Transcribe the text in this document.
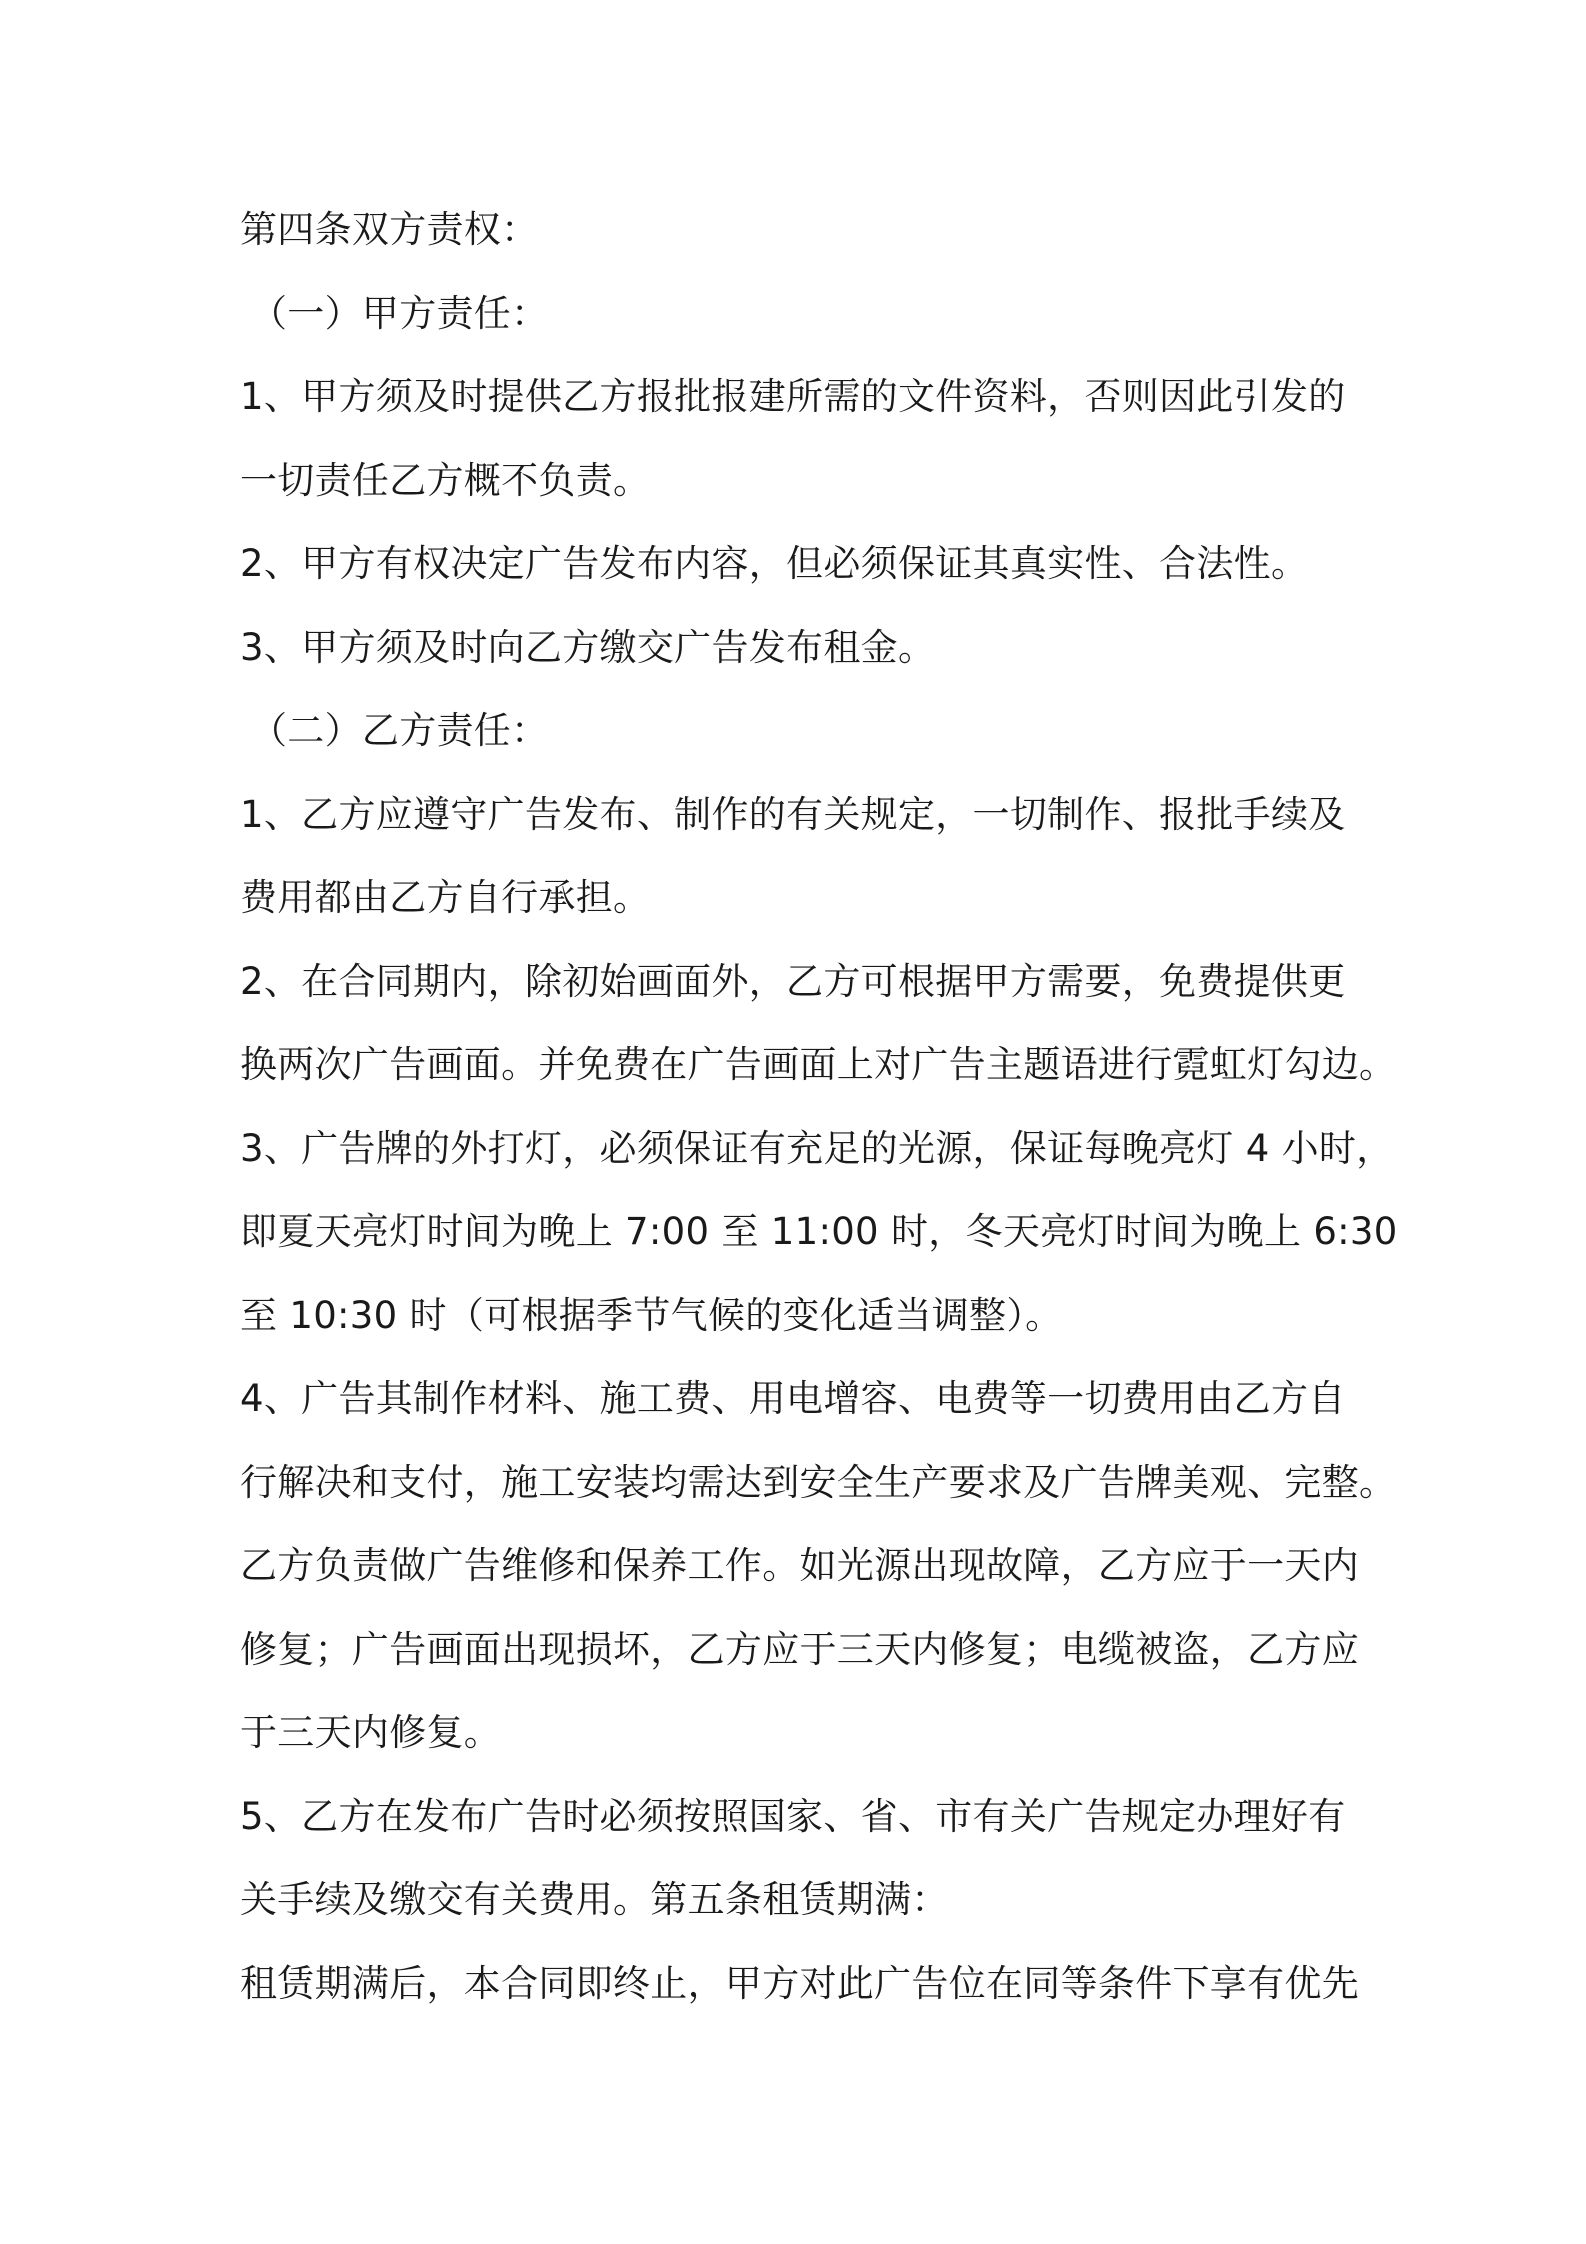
第四条双方责权：
（一）甲方责任：
1、甲方须及时提供乙方报批报建所需的文件资料，否则因此引发的
一切责任乙方概不负责。
2、甲方有权决定广告发布内容，但必须保证其真实性、合法性。
3、甲方须及时向乙方缴交广告发布租金。
（二）乙方责任：
1、乙方应遵守广告发布、制作的有关规定，一切制作、报批手续及
费用都由乙方自行承担。
2、在合同期内，除初始画面外，乙方可根据甲方需要，免费提供更
换两次广告画面。并免费在广告画面上对广告主题语进行霓虹灯勾边。
3、广告牌的外打灯，必须保证有充足的光源，保证每晚亮灯 4 小时，
即夏天亮灯时间为晚上 7:00 至 11:00 时，冬天亮灯时间为晚上 6:30
至 10:30 时（可根据季节气候的变化适当调整）。
4、广告其制作材料、施工费、用电增容、电费等一切费用由乙方自
行解决和支付，施工安装均需达到安全生产要求及广告牌美观、完整。
乙方负责做广告维修和保养工作。如光源出现故障，乙方应于一天内
修复；广告画面出现损坏，乙方应于三天内修复；电缆被盗，乙方应
于三天内修复。
5、乙方在发布广告时必须按照国家、省、市有关广告规定办理好有
关手续及缴交有关费用。第五条租赁期满：
租赁期满后，本合同即终止，甲方对此广告位在同等条件下享有优先
